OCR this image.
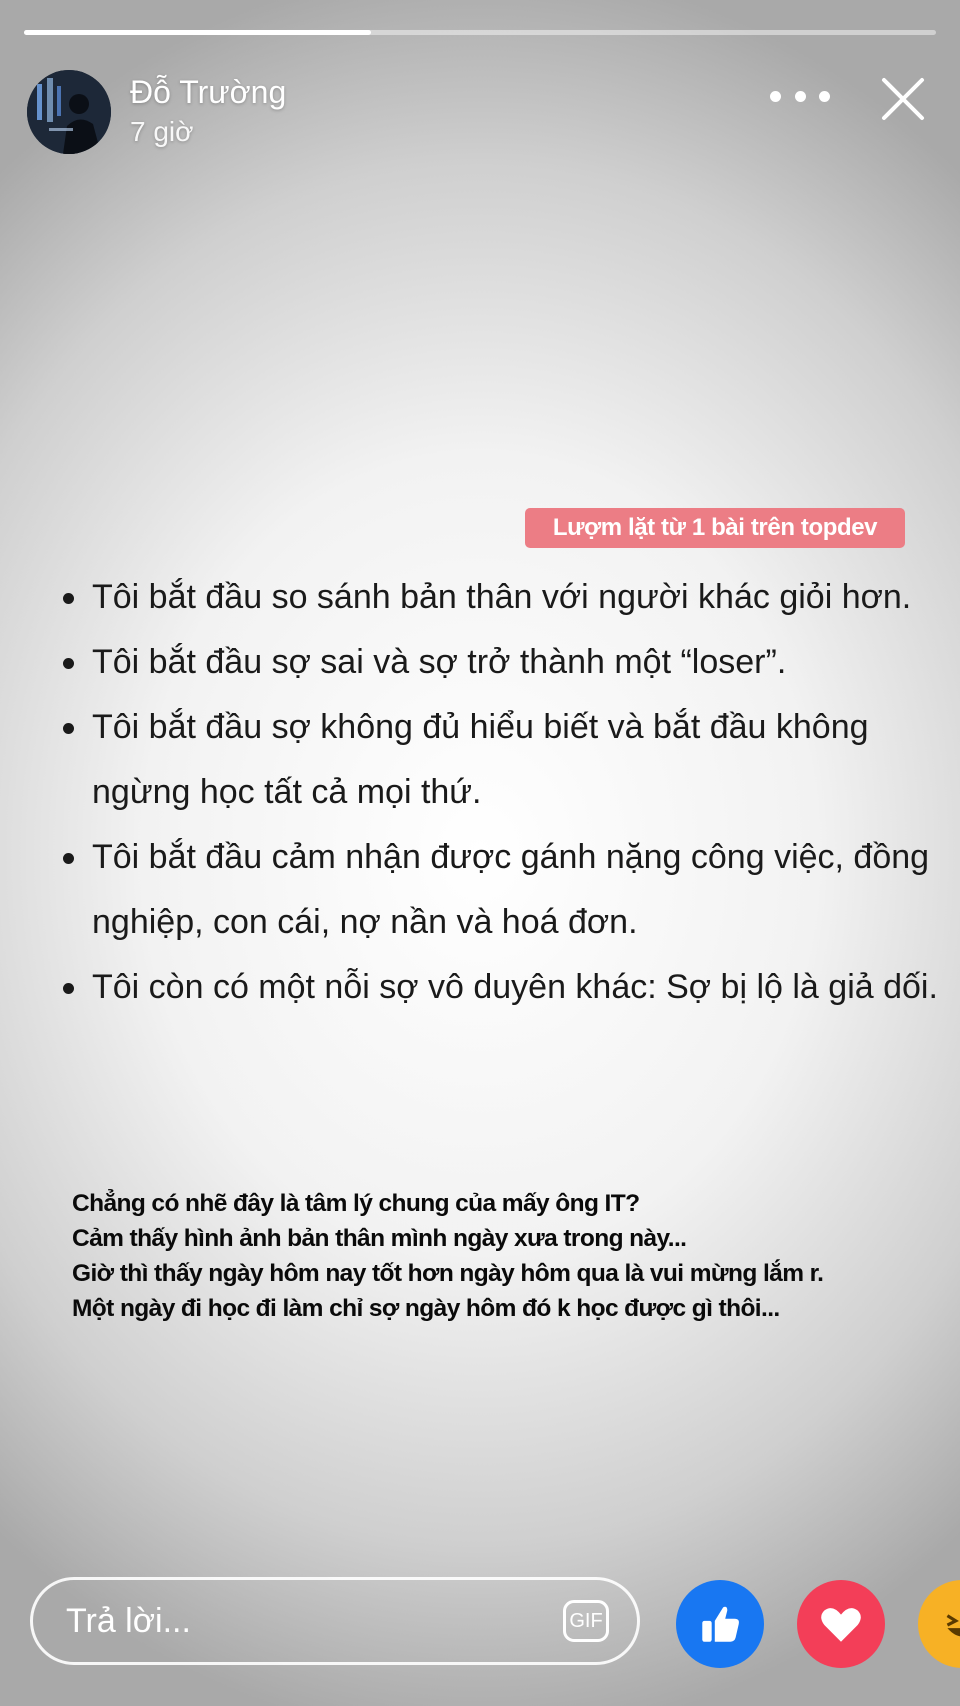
Đỗ Trường
7 giờ
Lượm lặt từ 1 bài trên topdev
Tôi bắt đầu so sánh bản thân với người khác giỏi hơn.
Tôi bắt đầu sợ sai và sợ trở thành một “loser”.
Tôi bắt đầu sợ không đủ hiểu biết và bắt đầu không ngừng học tất cả mọi thứ.
Tôi bắt đầu cảm nhận được gánh nặng công việc, đồng nghiệp, con cái, nợ nần và hoá đơn.
Tôi còn có một nỗi sợ vô duyên khác: Sợ bị lộ là giả dối.
Chẳng có nhẽ đây là tâm lý chung của mấy ông IT?
Cảm thấy hình ảnh bản thân mình ngày xưa trong này...
Giờ thì thấy ngày hôm nay tốt hơn ngày hôm qua là vui mừng lắm r.
Một ngày đi học đi làm chỉ sợ ngày hôm đó k học được gì thôi...
Trả lời...	GIF
